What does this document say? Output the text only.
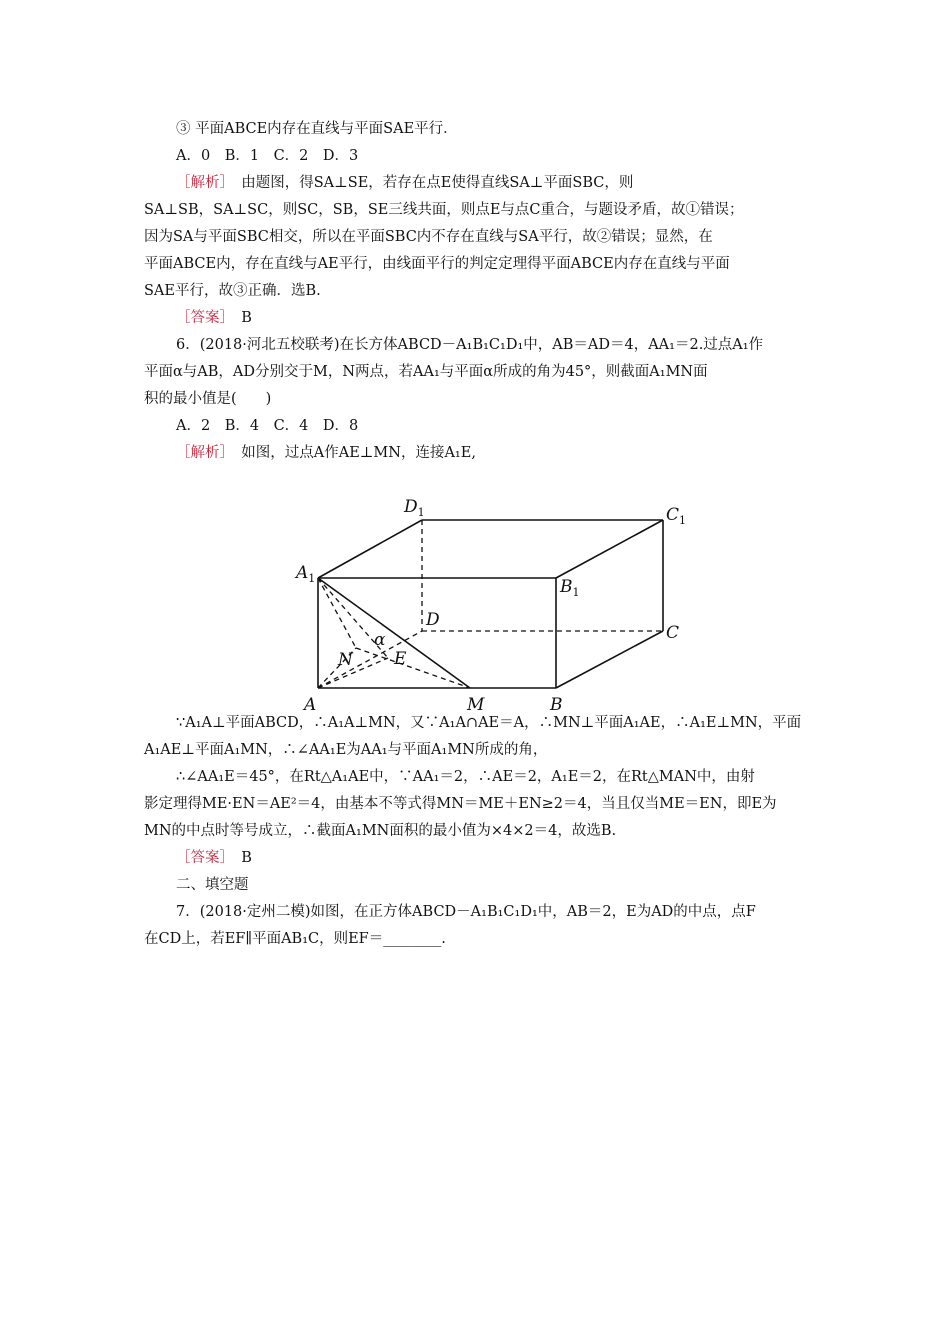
③ 平面ABCE内存在直线与平面SAE平行．

A．0　B．1　C．2　D．3

［解析］　由题图，得SA⊥SE，若存在点E使得直线SA⊥平面SBC，则

SA⊥SB，SA⊥SC，则SC，SB，SE三线共面，则点E与点C重合，与题设矛盾，故①错误；

因为SA与平面SBC相交，所以在平面SBC内不存在直线与SA平行，故②错误；显然，在

平面ABCE内，存在直线与AE平行，由线面平行的判定定理得平面ABCE内存在直线与平面

SAE平行，故③正确．选B.

［答案］　B

6．(2018·河北五校联考)在长方体ABCD－A₁B₁C₁D₁中，AB＝AD＝4，AA₁＝2.过点A₁作

平面α与AB，AD分别交于M，N两点，若AA₁与平面α所成的角为45°，则截面A₁MN面

积的最小值是(　　)

A．2　B．4　C．4　D．8

［解析］　如图，过点A作AE⊥MN，连接A₁E,

∵A₁A⊥平面ABCD，∴A₁A⊥MN，又∵A₁A∩AE＝A，∴MN⊥平面A₁AE，∴A₁E⊥MN，平面

A₁AE⊥平面A₁MN，∴∠AA₁E为AA₁与平面A₁MN所成的角，

∴∠AA₁E＝45°，在Rt△A₁AE中，∵AA₁＝2，∴AE＝2，A₁E＝2，在Rt△MAN中，由射

影定理得ME·EN＝AE²＝4，由基本不等式得MN＝ME＋EN≥2＝4，当且仅当ME＝EN，即E为

MN的中点时等号成立，∴截面A₁MN面积的最小值为×4×2＝4，故选B.

［答案］　B

二、填空题

7．(2018·定州二模)如图，在正方体ABCD－A₁B₁C₁D₁中，AB＝2，E为AD的中点，点F

在CD上，若EF∥平面AB₁C，则EF＝________.

$D_1$	$C_1$
$A_1$	$B_1$
D
C
α
N E
A	M	B
